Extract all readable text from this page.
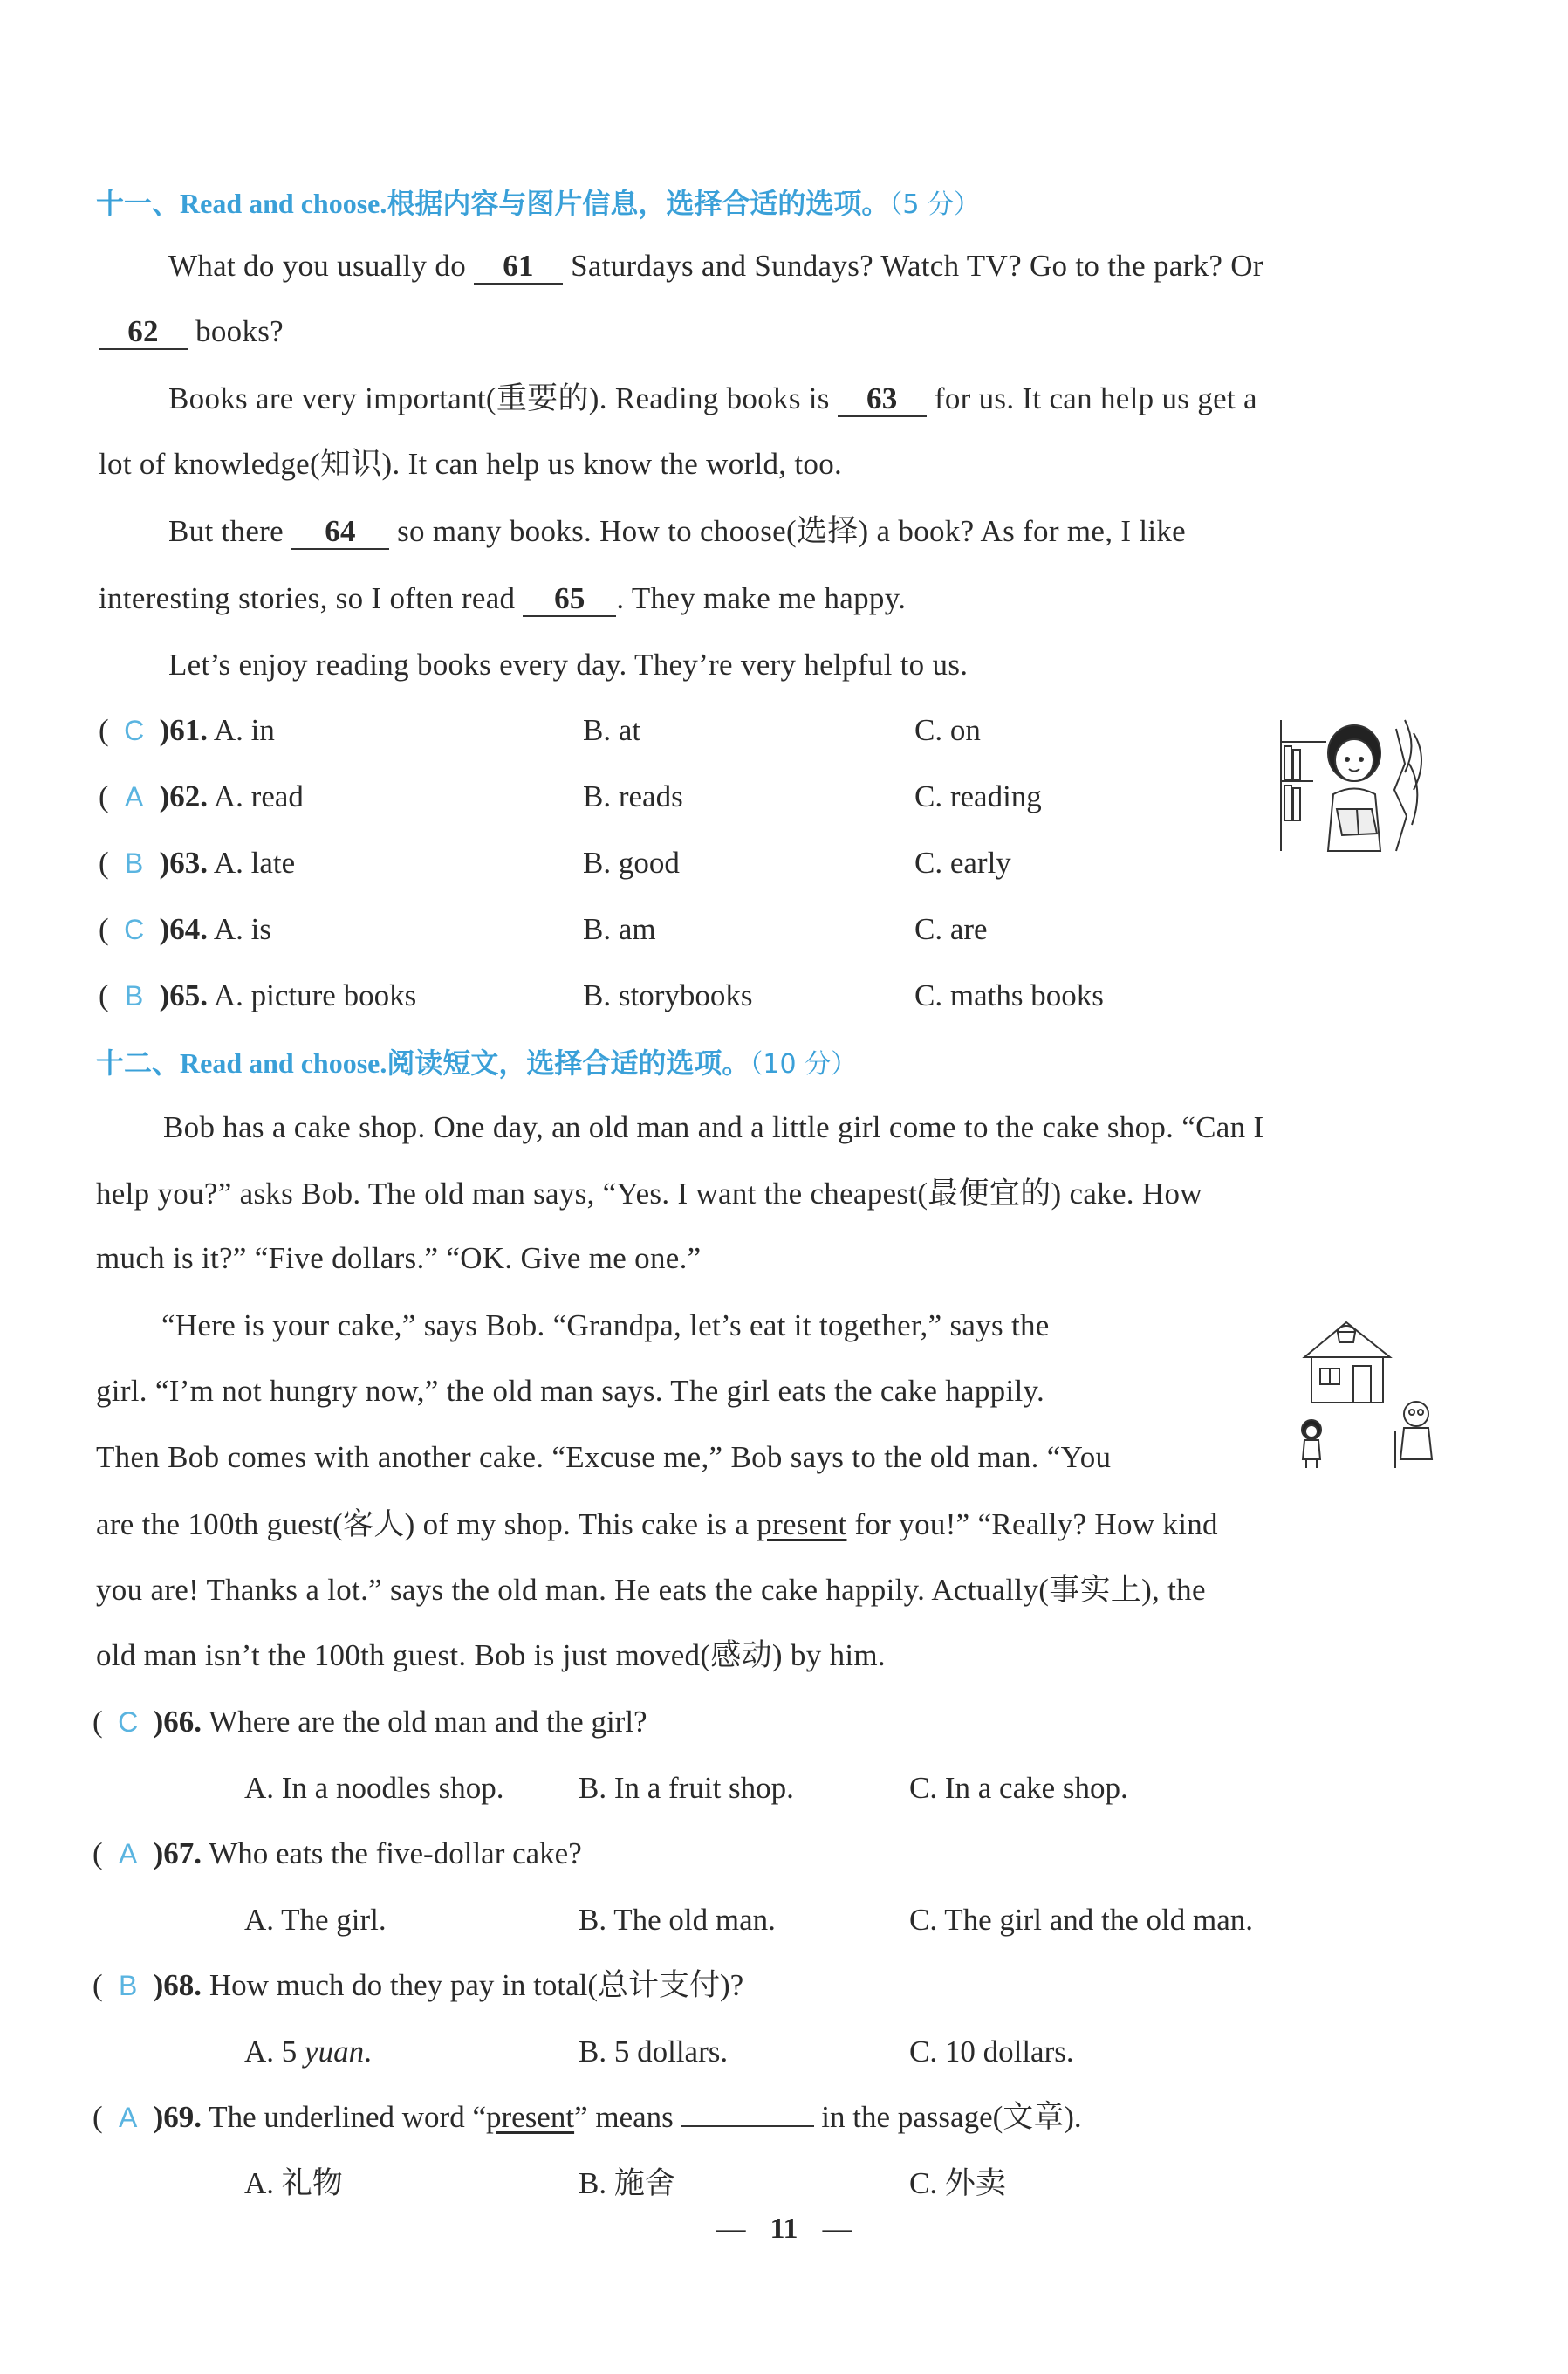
十一、Read and choose.根据内容与图片信息，选择合适的选项。（5 分）
What do you usually do 61 Saturdays and Sundays? Watch TV? Go to the park? Or
62 books?
Books are very important(重要的). Reading books is 63 for us. It can help us get a
lot of knowledge(知识). It can help us know the world, too.
But there 64 so many books. How to choose(选择) a book? As for me, I like
interesting stories, so I often read 65 . They make me happy.
Let’s enjoy reading books every day. They’re very helpful to us.
( C )61. A. in	B. at	C. on
( A )62. A. read	B. reads	C. reading
( B )63. A. late	B. good	C. early
( C )64. A. is	B. am	C. are
( B )65. A. picture books	B. storybooks	C. maths books
十二、Read and choose.阅读短文，选择合适的选项。（10 分）
Bob has a cake shop. One day, an old man and a little girl come to the cake shop. “Can I
help you?” asks Bob. The old man says, “Yes. I want the cheapest(最便宜的) cake. How
much is it?” “Five dollars.” “OK. Give me one.”
“Here is your cake,” says Bob. “Grandpa, let’s eat it together,” says the
girl. “I’m not hungry now,” the old man says. The girl eats the cake happily.
Then Bob comes with another cake. “Excuse me,” Bob says to the old man. “You
are the 100th guest(客人) of my shop. This cake is a present for you!” “Really? How kind
you are! Thanks a lot.” says the old man. He eats the cake happily. Actually(事实上), the
old man isn’t the 100th guest. Bob is just moved(感动) by him.
( C )66. Where are the old man and the girl?
A. In a noodles shop. B. In a fruit shop.	C. In a cake shop.
( A )67. Who eats the five-dollar cake?
A. The girl.	B. The old man.	C. The girl and the old man.
( B )68. How much do they pay in total(总计支付)?
A. 5 yuan.	B. 5 dollars.	C. 10 dollars.
( A )69. The underlined word “present” means	in the passage(文章).
A. 礼物	B. 施舍	C. 外卖
— 11 —
